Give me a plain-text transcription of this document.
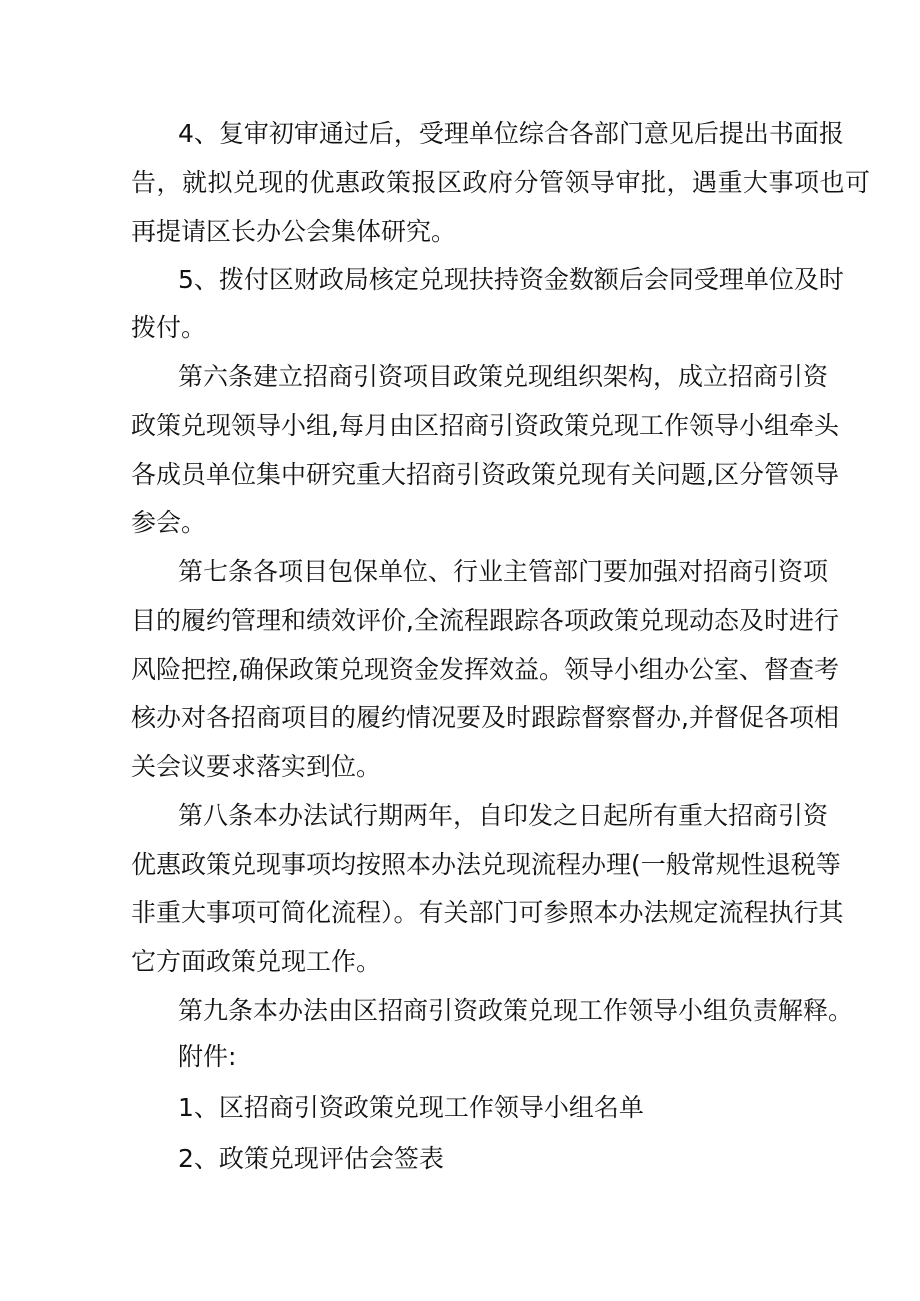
4、复审初审通过后，受理单位综合各部门意见后提出书面报
告，就拟兑现的优惠政策报区政府分管领导审批，遇重大事项也可
再提请区长办公会集体研究。
5、拨付区财政局核定兑现扶持资金数额后会同受理单位及时
拨付。
第六条建立招商引资项目政策兑现组织架构，成立招商引资
政策兑现领导小组,每月由区招商引资政策兑现工作领导小组牵头
各成员单位集中研究重大招商引资政策兑现有关问题,区分管领导
参会。
第七条各项目包保单位、行业主管部门要加强对招商引资项
目的履约管理和绩效评价,全流程跟踪各项政策兑现动态及时进行
风险把控,确保政策兑现资金发挥效益。领导小组办公室、督查考
核办对各招商项目的履约情况要及时跟踪督察督办,并督促各项相
关会议要求落实到位。
第八条本办法试行期两年，自印发之日起所有重大招商引资
优惠政策兑现事项均按照本办法兑现流程办理(一般常规性退税等
非重大事项可简化流程）。有关部门可参照本办法规定流程执行其
它方面政策兑现工作。
第九条本办法由区招商引资政策兑现工作领导小组负责解释。
附件:
1、区招商引资政策兑现工作领导小组名单
2、政策兑现评估会签表
